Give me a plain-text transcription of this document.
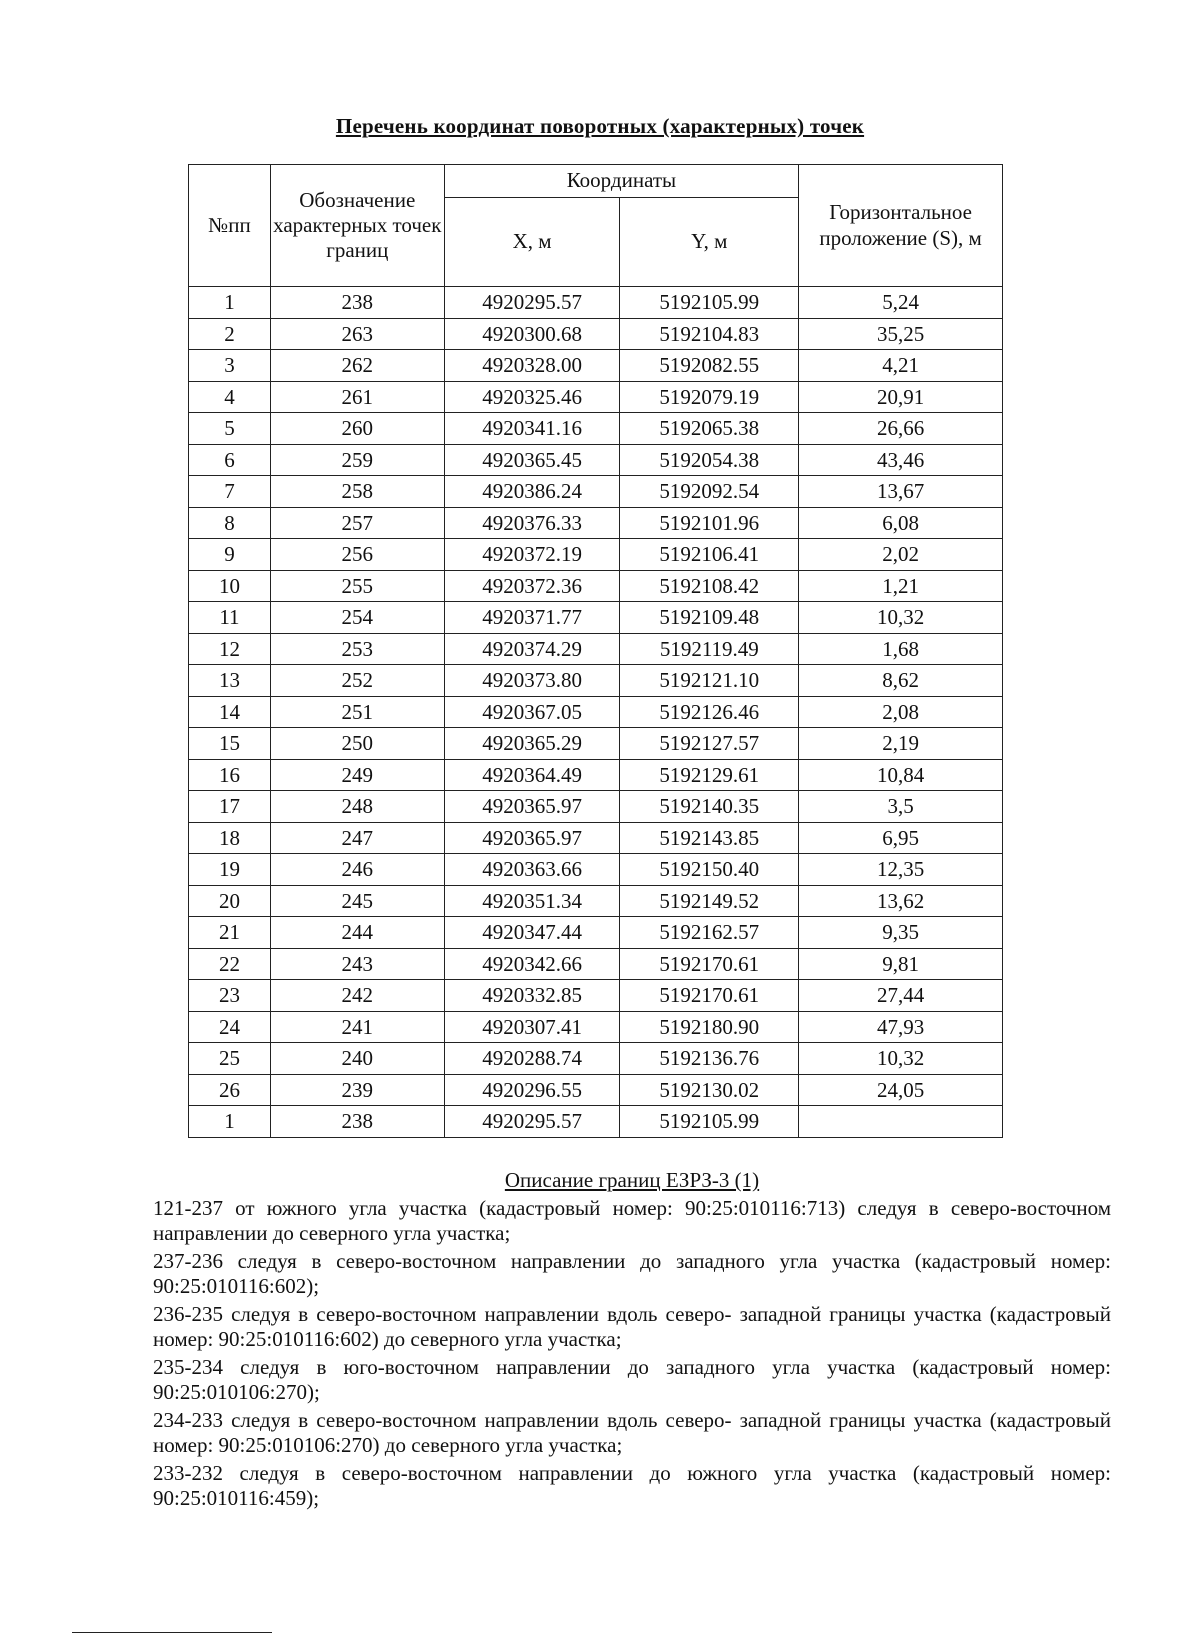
Перечень координат поворотных (характерных) точек
№пп	Обозначение характерных точек границ	Координаты		Горизонтальное проложение (S), м
		X, м	Y, м	
1	238	4920295.57	5192105.99	5,24
2	263	4920300.68	5192104.83	35,25
3	262	4920328.00	5192082.55	4,21
4	261	4920325.46	5192079.19	20,91
5	260	4920341.16	5192065.38	26,66
6	259	4920365.45	5192054.38	43,46
7	258	4920386.24	5192092.54	13,67
8	257	4920376.33	5192101.96	6,08
9	256	4920372.19	5192106.41	2,02
10	255	4920372.36	5192108.42	1,21
11	254	4920371.77	5192109.48	10,32
12	253	4920374.29	5192119.49	1,68
13	252	4920373.80	5192121.10	8,62
14	251	4920367.05	5192126.46	2,08
15	250	4920365.29	5192127.57	2,19
16	249	4920364.49	5192129.61	10,84
17	248	4920365.97	5192140.35	3,5
18	247	4920365.97	5192143.85	6,95
19	246	4920363.66	5192150.40	12,35
20	245	4920351.34	5192149.52	13,62
21	244	4920347.44	5192162.57	9,35
22	243	4920342.66	5192170.61	9,81
23	242	4920332.85	5192170.61	27,44
24	241	4920307.41	5192180.90	47,93
25	240	4920288.74	5192136.76	10,32
26	239	4920296.55	5192130.02	24,05
1	238	4920295.57	5192105.99	

Описание границ ЕЗРЗ-3 (1)

121-237 от южного угла участка (кадастровый номер: 90:25:010116:713) следуя в северо-восточном направлении до северного угла участка;

237-236 следуя в северо-восточном направлении до западного угла участка (кадастровый номер: 90:25:010116:602);

236-235 следуя в северо-восточном направлении вдоль северо- западной границы участка (кадастровый номер: 90:25:010116:602) до северного угла участка;

235-234 следуя в юго-восточном направлении до западного угла участка (кадастровый номер: 90:25:010106:270);

234-233 следуя в северо-восточном направлении вдоль северо- западной границы участка (кадастровый номер: 90:25:010106:270) до северного угла участка;

233-232 следуя в северо-восточном направлении до южного угла участка (кадастровый номер: 90:25:010116:459);
